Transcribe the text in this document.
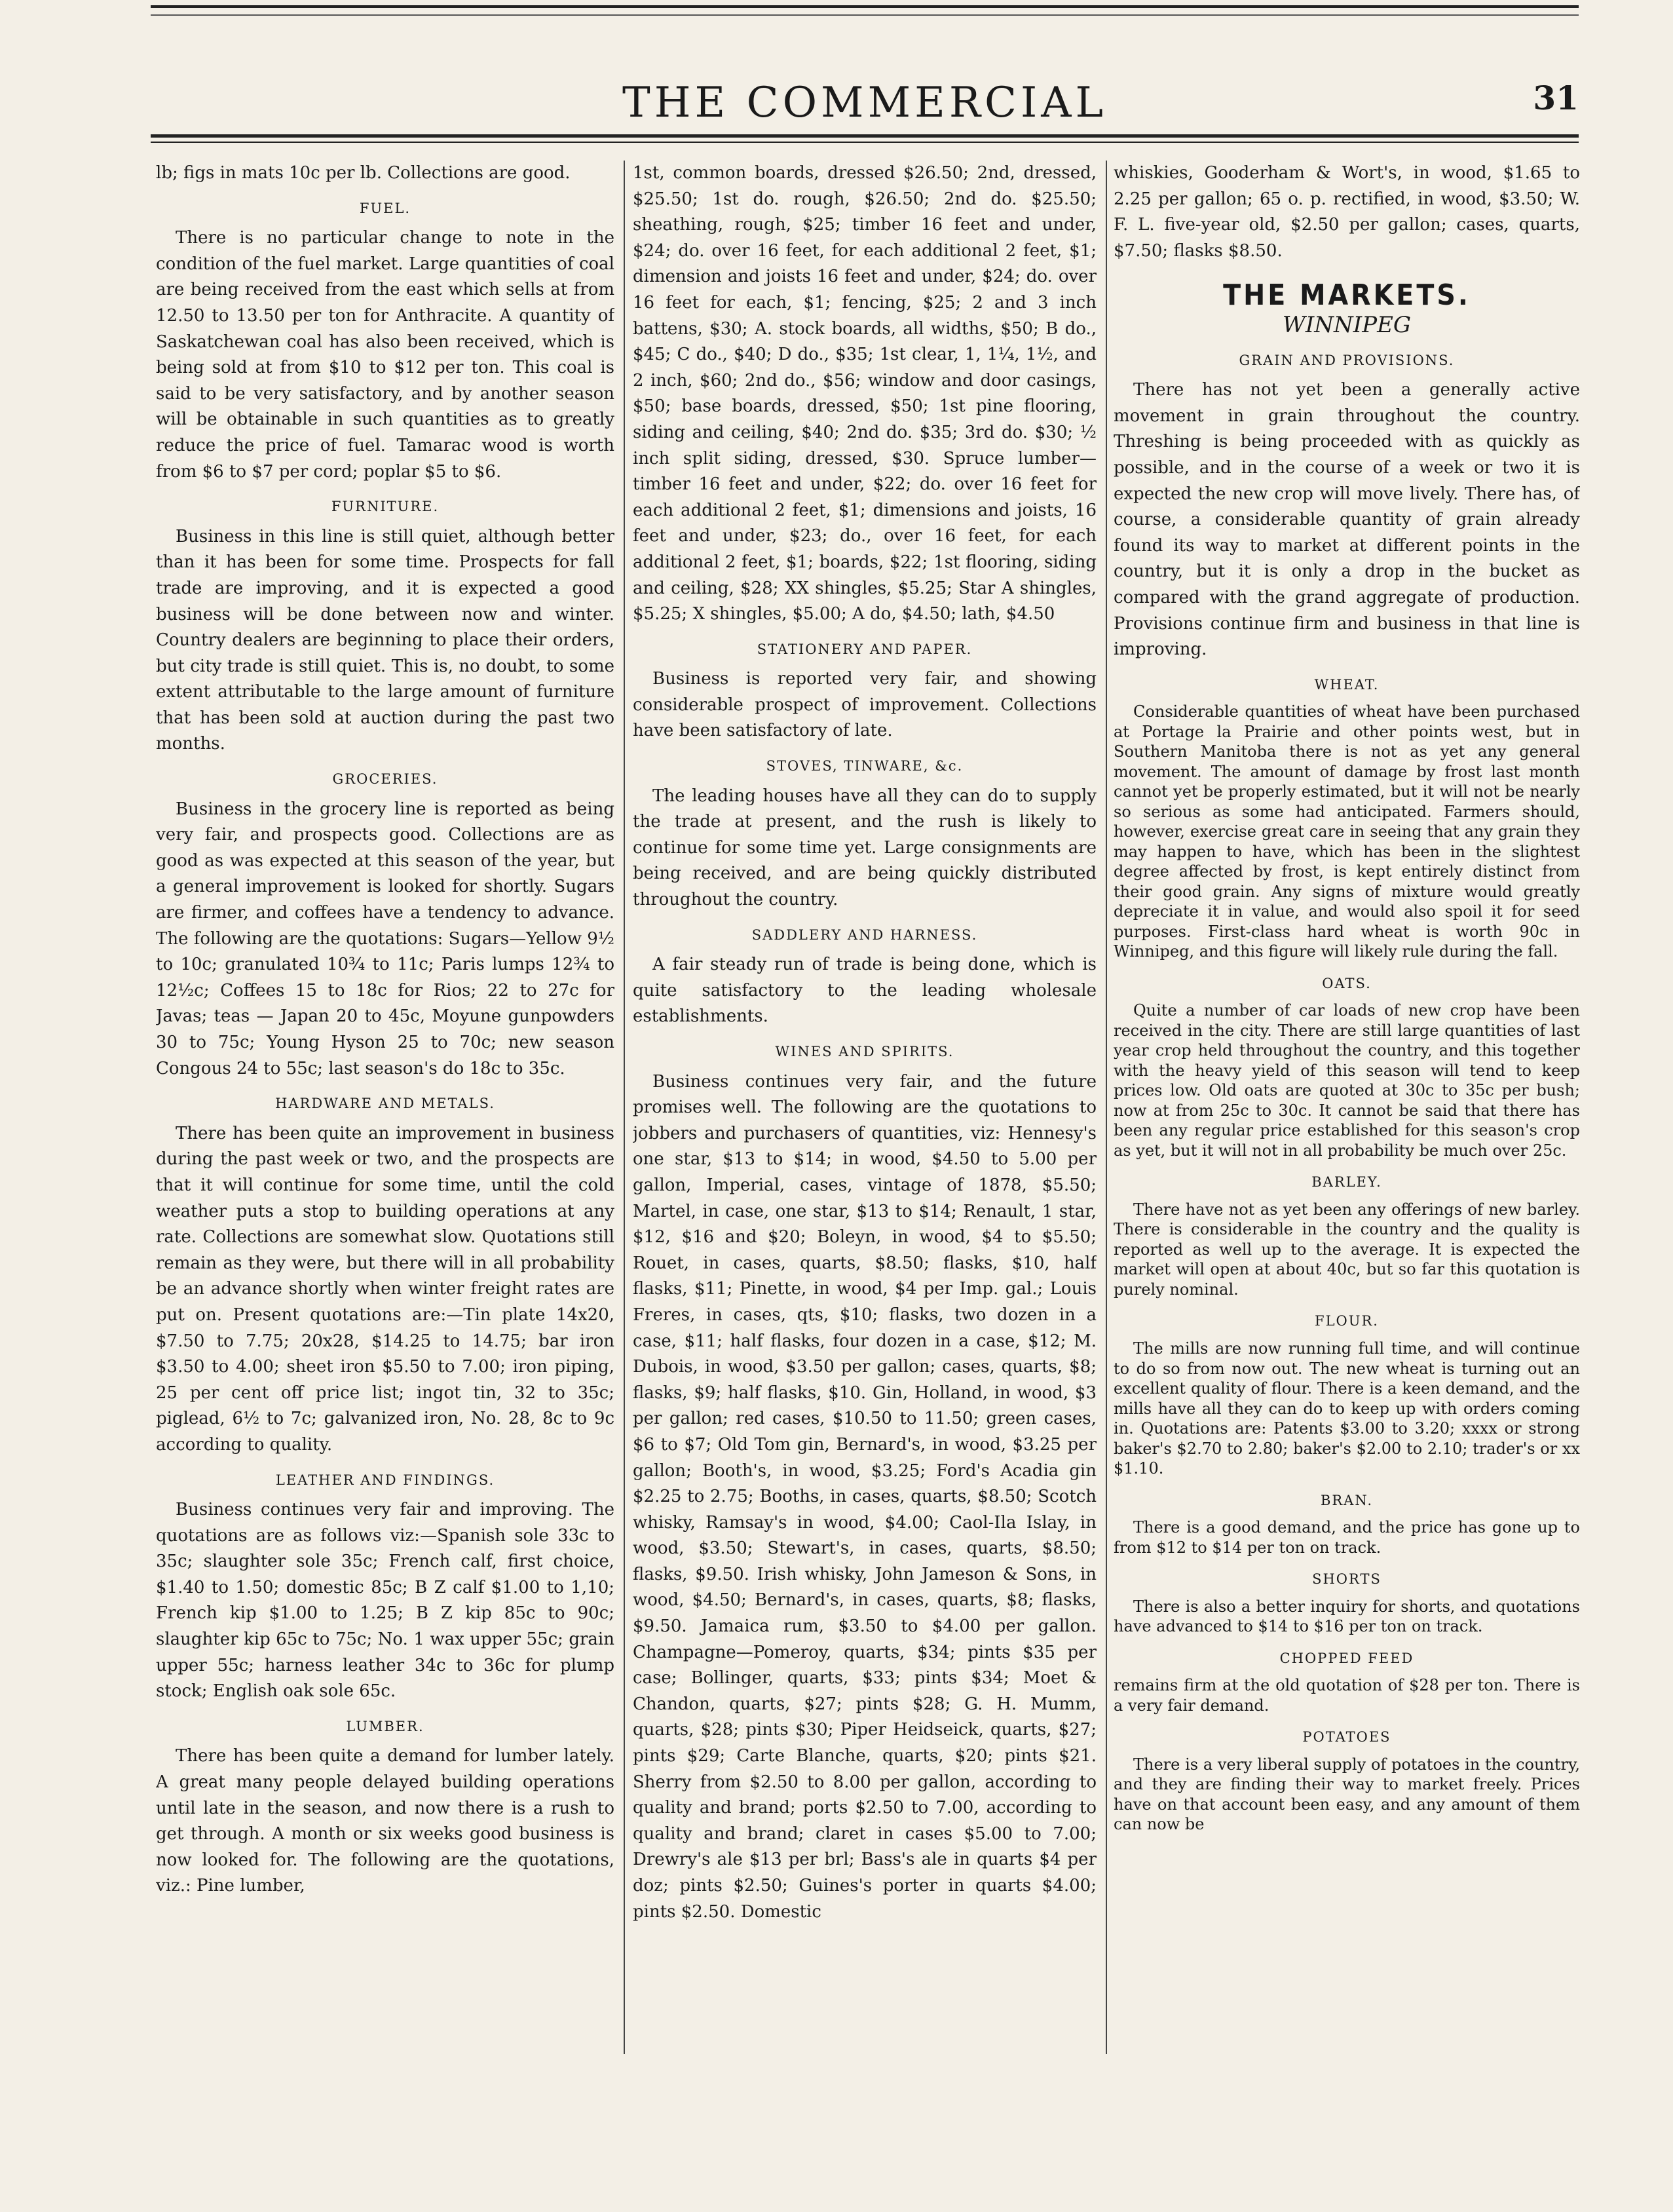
THE COMMERCIAL	31

lb; figs in mats 10c per lb. Collections are good.

FUEL.

There is no particular change to note in the condition of the fuel market. Large quantities of coal are being received from the east which sells at from 12.50 to 13.50 per ton for Anthracite. A quantity of Saskatchewan coal has also been received, which is being sold at from $10 to $12 per ton. This coal is said to be very satisfactory, and by another season will be obtainable in such quantities as to greatly reduce the price of fuel. Tamarac wood is worth from $6 to $7 per cord; poplar $5 to $6.

FURNITURE.

Business in this line is still quiet, although better than it has been for some time. Prospects for fall trade are improving, and it is expected a good business will be done between now and winter. Country dealers are beginning to place their orders, but city trade is still quiet. This is, no doubt, to some extent attributable to the large amount of furniture that has been sold at auction during the past two months.

GROCERIES.

Business in the grocery line is reported as being very fair, and prospects good. Collections are as good as was expected at this season of the year, but a general improvement is looked for shortly. Sugars are firmer, and coffees have a tendency to advance. The following are the quotations: Sugars—Yellow 9½ to 10c; granulated 10¾ to 11c; Paris lumps 12¾ to 12½c; Coffees 15 to 18c for Rios; 22 to 27c for Javas; teas — Japan 20 to 45c, Moyune gunpowders 30 to 75c; Young Hyson 25 to 70c; new season Congous 24 to 55c; last season's do 18c to 35c.

HARDWARE AND METALS.

There has been quite an improvement in business during the past week or two, and the prospects are that it will continue for some time, until the cold weather puts a stop to building operations at any rate. Collections are somewhat slow. Quotations still remain as they were, but there will in all probability be an advance shortly when winter freight rates are put on. Present quotations are:—Tin plate 14x20, $7.50 to 7.75; 20x28, $14.25 to 14.75; bar iron $3.50 to 4.00; sheet iron $5.50 to 7.00; iron piping, 25 per cent off price list; ingot tin, 32 to 35c; piglead, 6½ to 7c; galvanized iron, No. 28, 8c to 9c according to quality.

LEATHER AND FINDINGS.

Business continues very fair and improving. The quotations are as follows viz:—Spanish sole 33c to 35c; slaughter sole 35c; French calf, first choice, $1.40 to 1.50; domestic 85c; B Z calf $1.00 to 1,10; French kip $1.00 to 1.25; B Z kip 85c to 90c; slaughter kip 65c to 75c; No. 1 wax upper 55c; grain upper 55c; harness leather 34c to 36c for plump stock; English oak sole 65c.

LUMBER.

There has been quite a demand for lumber lately. A great many people delayed building operations until late in the season, and now there is a rush to get through. A month or six weeks good business is now looked for. The following are the quotations, viz.: Pine lumber,

1st, common boards, dressed $26.50; 2nd, dressed, $25.50; 1st do. rough, $26.50; 2nd do. $25.50; sheathing, rough, $25; timber 16 feet and under, $24; do. over 16 feet, for each additional 2 feet, $1; dimension and joists 16 feet and under, $24; do. over 16 feet for each, $1; fencing, $25; 2 and 3 inch battens, $30; A. stock boards, all widths, $50; B do., $45; C do., $40; D do., $35; 1st clear, 1, 1¼, 1½, and 2 inch, $60; 2nd do., $56; window and door casings, $50; base boards, dressed, $50; 1st pine flooring, siding and ceiling, $40; 2nd do. $35; 3rd do. $30; ½ inch split siding, dressed, $30. Spruce lumber—timber 16 feet and under, $22; do. over 16 feet for each additional 2 feet, $1; dimensions and joists, 16 feet and under, $23; do., over 16 feet, for each additional 2 feet, $1; boards, $22; 1st flooring, siding and ceiling, $28; XX shingles, $5.25; Star A shingles, $5.25; X shingles, $5.00; A do, $4.50; lath, $4.50

STATIONERY AND PAPER.

Business is reported very fair, and showing considerable prospect of improvement. Collections have been satisfactory of late.

STOVES, TINWARE, &c.

The leading houses have all they can do to supply the trade at present, and the rush is likely to continue for some time yet. Large consignments are being received, and are being quickly distributed throughout the country.

SADDLERY AND HARNESS.

A fair steady run of trade is being done, which is quite satisfactory to the leading wholesale establishments.

WINES AND SPIRITS.

Business continues very fair, and the future promises well. The following are the quotations to jobbers and purchasers of quantities, viz: Hennesy's one star, $13 to $14; in wood, $4.50 to 5.00 per gallon, Imperial, cases, vintage of 1878, $5.50; Martel, in case, one star, $13 to $14; Renault, 1 star, $12, $16 and $20; Boleyn, in wood, $4 to $5.50; Rouet, in cases, quarts, $8.50; flasks, $10, half flasks, $11; Pinette, in wood, $4 per Imp. gal.; Louis Freres, in cases, qts, $10; flasks, two dozen in a case, $11; half flasks, four dozen in a case, $12; M. Dubois, in wood, $3.50 per gallon; cases, quarts, $8; flasks, $9; half flasks, $10. Gin, Holland, in wood, $3 per gallon; red cases, $10.50 to 11.50; green cases, $6 to $7; Old Tom gin, Bernard's, in wood, $3.25 per gallon; Booth's, in wood, $3.25; Ford's Acadia gin $2.25 to 2.75; Booths, in cases, quarts, $8.50; Scotch whisky, Ramsay's in wood, $4.00; Caol-Ila Islay, in wood, $3.50; Stewart's, in cases, quarts, $8.50; flasks, $9.50. Irish whisky, John Jameson & Sons, in wood, $4.50; Bernard's, in cases, quarts, $8; flasks, $9.50. Jamaica rum, $3.50 to $4.00 per gallon. Champagne—Pomeroy, quarts, $34; pints $35 per case; Bollinger, quarts, $33; pints $34; Moet & Chandon, quarts, $27; pints $28; G. H. Mumm, quarts, $28; pints $30; Piper Heidseick, quarts, $27; pints $29; Carte Blanche, quarts, $20; pints $21. Sherry from $2.50 to 8.00 per gallon, according to quality and brand; ports $2.50 to 7.00, according to quality and brand; claret in cases $5.00 to 7.00; Drewry's ale $13 per brl; Bass's ale in quarts $4 per doz; pints $2.50; Guines's porter in quarts $4.00; pints $2.50. Domestic

whiskies, Gooderham & Wort's, in wood, $1.65 to 2.25 per gallon; 65 o. p. rectified, in wood, $3.50; W. F. L. five-year old, $2.50 per gallon; cases, quarts, $7.50; flasks $8.50.

THE MARKETS.
WINNIPEG
GRAIN AND PROVISIONS.

There has not yet been a generally active movement in grain throughout the country. Threshing is being proceeded with as quickly as possible, and in the course of a week or two it is expected the new crop will move lively. There has, of course, a considerable quantity of grain already found its way to market at different points in the country, but it is only a drop in the bucket as compared with the grand aggregate of production. Provisions continue firm and business in that line is improving.

WHEAT.

Considerable quantities of wheat have been purchased at Portage la Prairie and other points west, but in Southern Manitoba there is not as yet any general movement. The amount of damage by frost last month cannot yet be properly estimated, but it will not be nearly so serious as some had anticipated. Farmers should, however, exercise great care in seeing that any grain they may happen to have, which has been in the slightest degree affected by frost, is kept entirely distinct from their good grain. Any signs of mixture would greatly depreciate it in value, and would also spoil it for seed purposes. First-class hard wheat is worth 90c in Winnipeg, and this figure will likely rule during the fall.

OATS.

Quite a number of car loads of new crop have been received in the city. There are still large quantities of last year crop held throughout the country, and this together with the heavy yield of this season will tend to keep prices low. Old oats are quoted at 30c to 35c per bush; now at from 25c to 30c. It cannot be said that there has been any regular price established for this season's crop as yet, but it will not in all probability be much over 25c.

BARLEY.

There have not as yet been any offerings of new barley. There is considerable in the country and the quality is reported as well up to the average. It is expected the market will open at about 40c, but so far this quotation is purely nominal.

FLOUR.

The mills are now running full time, and will continue to do so from now out. The new wheat is turning out an excellent quality of flour. There is a keen demand, and the mills have all they can do to keep up with orders coming in. Quotations are: Patents $3.00 to 3.20; xxxx or strong baker's $2.70 to 2.80; baker's $2.00 to 2.10; trader's or xx $1.10.

BRAN.

There is a good demand, and the price has gone up to from $12 to $14 per ton on track.

SHORTS

There is also a better inquiry for shorts, and quotations have advanced to $14 to $16 per ton on track.

CHOPPED FEED

remains firm at the old quotation of $28 per ton. There is a very fair demand.

POTATOES

There is a very liberal supply of potatoes in the country, and they are finding their way to market freely. Prices have on that account been easy, and any amount of them can now be
